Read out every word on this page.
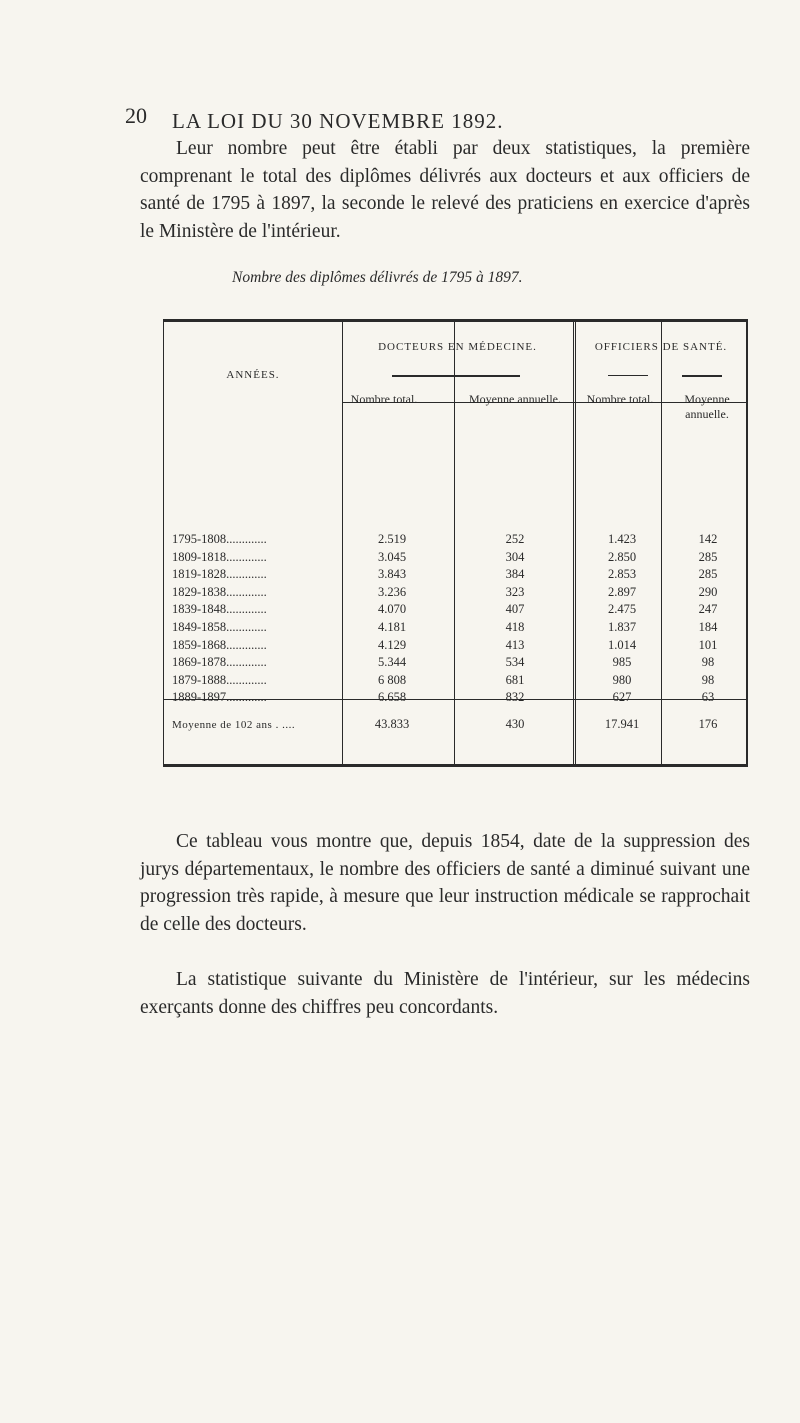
20 LA LOI DU 30 NOVEMBRE 1892.

Leur nombre peut être établi par deux statistiques, la première comprenant le total des diplômes délivrés aux docteurs et aux officiers de santé de 1795 à 1897, la seconde le relevé des praticiens en exercice d'après le Ministère de l'intérieur.

Nombre des diplômes délivrés de 1795 à 1897.
ANNÉES.
DOCTEURS EN MÉDECINE.	OFFICIERS DE SANTÉ.
Nombre total.	Moyenne annuelle.	Nombre total.	Moyenne annuelle.
1795-1808.............	2.519	252	1.423	142
1809-1818.............	3.045	304	2.850	285
1819-1828.............	3.843	384	2.853	285
1829-1838.............	3.236	323	2.897	290
1839-1848.............	4.070	407	2.475	247
1849-1858.............	4.181	418	1.837	184
1859-1868.............	4.129	413	1.014	101
1869-1878.............	5.344	534	985	98
1879-1888.............	6 808	681	980	98
1889-1897.............	6.658	832	627	63
Moyenne de 102 ans . ....	43.833	430	17.941	176

Ce tableau vous montre que, depuis 1854, date de la suppression des jurys départementaux, le nombre des officiers de santé a diminué suivant une progression très rapide, à mesure que leur instruction médicale se rapprochait de celle des docteurs.

La statistique suivante du Ministère de l'intérieur, sur les médecins exerçants donne des chiffres peu concordants.
